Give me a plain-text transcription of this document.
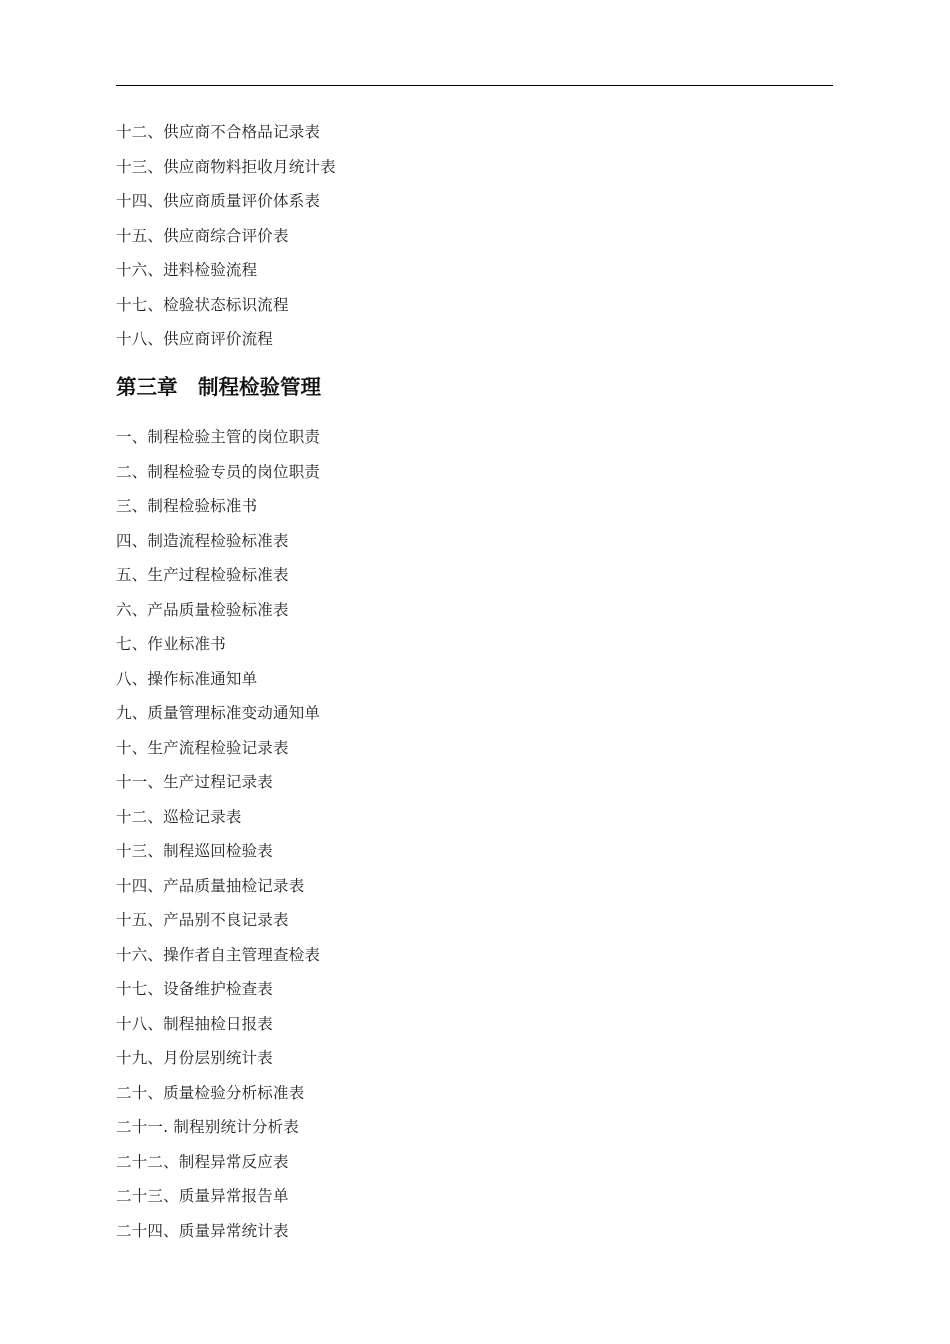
十二、供应商不合格品记录表
十三、供应商物料拒收月统计表
十四、供应商质量评价体系表
十五、供应商综合评价表
十六、进料检验流程
十七、检验状态标识流程
十八、供应商评价流程
第三章　制程检验管理
一、制程检验主管的岗位职责
二、制程检验专员的岗位职责
三、制程检验标准书
四、制造流程检验标准表
五、生产过程检验标准表
六、产品质量检验标准表
七、作业标准书
八、操作标准通知单
九、质量管理标准变动通知单
十、生产流程检验记录表
十一、生产过程记录表
十二、巡检记录表
十三、制程巡回检验表
十四、产品质量抽检记录表
十五、产品别不良记录表
十六、操作者自主管理查检表
十七、设备维护检查表
十八、制程抽检日报表
十九、月份层别统计表
二十、质量检验分析标准表
二十一. 制程别统计分析表
二十二、制程异常反应表
二十三、质量异常报告单
二十四、质量异常统计表
